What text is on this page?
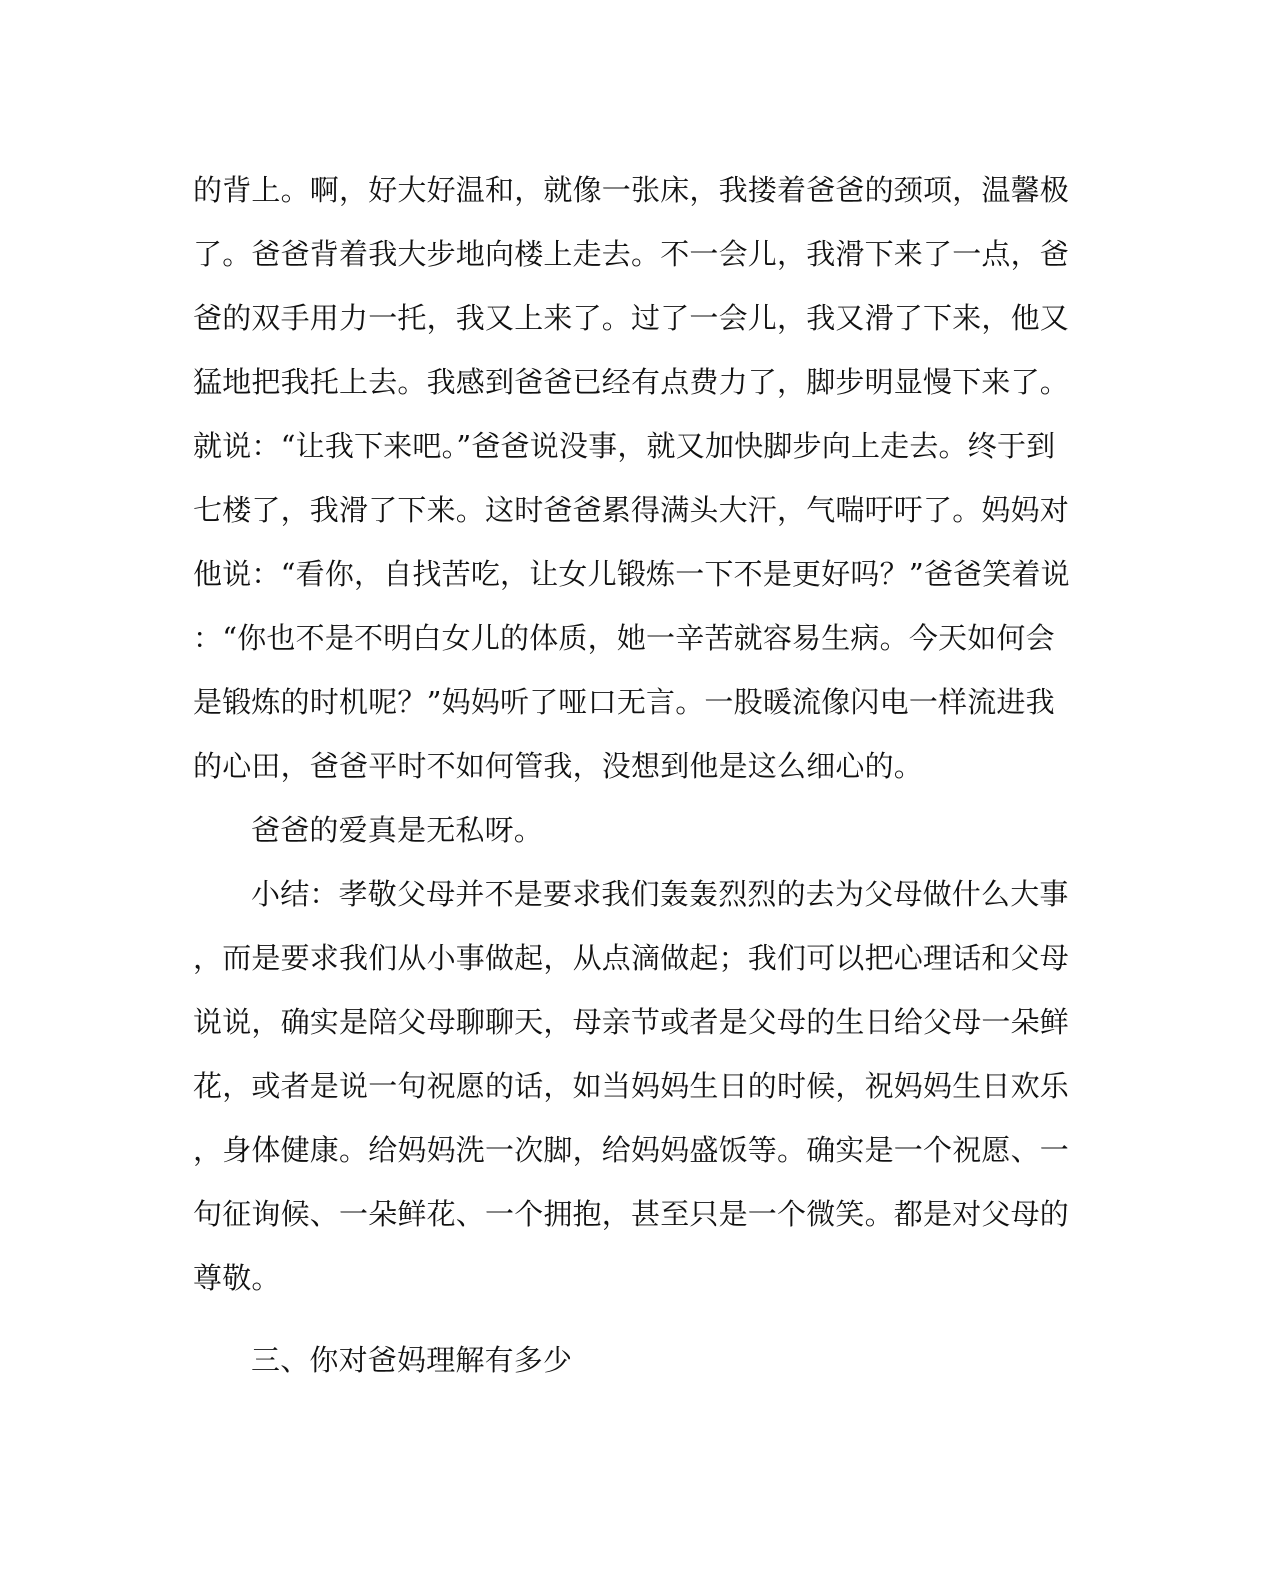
的背上。啊，好大好温和，就像一张床，我搂着爸爸的颈项，温馨极
了。爸爸背着我大步地向楼上走去。不一会儿，我滑下来了一点，爸
爸的双手用力一托，我又上来了。过了一会儿，我又滑了下来，他又
猛地把我托上去。我感到爸爸已经有点费力了，脚步明显慢下来了。
就说：“让我下来吧。”爸爸说没事，就又加快脚步向上走去。终于到
七楼了，我滑了下来。这时爸爸累得满头大汗，气喘吁吁了。妈妈对
他说：“看你，自找苦吃，让女儿锻炼一下不是更好吗？”爸爸笑着说
：“你也不是不明白女儿的体质，她一辛苦就容易生病。今天如何会
是锻炼的时机呢？”妈妈听了哑口无言。一股暖流像闪电一样流进我
的心田，爸爸平时不如何管我，没想到他是这么细心的。
爸爸的爱真是无私呀。
小结：孝敬父母并不是要求我们轰轰烈烈的去为父母做什么大事
，而是要求我们从小事做起，从点滴做起；我们可以把心理话和父母
说说，确实是陪父母聊聊天，母亲节或者是父母的生日给父母一朵鲜
花，或者是说一句祝愿的话，如当妈妈生日的时候，祝妈妈生日欢乐
，身体健康。给妈妈洗一次脚，给妈妈盛饭等。确实是一个祝愿、一
句征询候、一朵鲜花、一个拥抱，甚至只是一个微笑。都是对父母的
尊敬。
三、你对爸妈理解有多少
